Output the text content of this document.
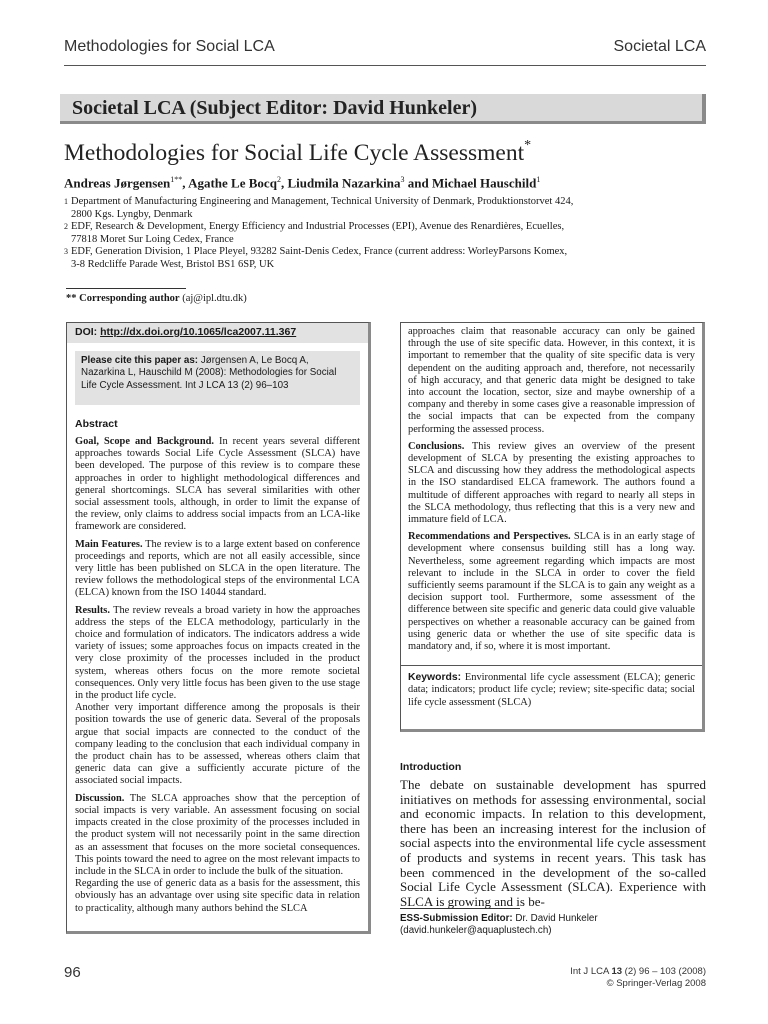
Methodologies for Social LCA	Societal LCA
Societal LCA (Subject Editor: David Hunkeler)
Methodologies for Social Life Cycle Assessment*
Andreas Jørgensen$^{1**}$, Agathe Le Bocq$^2$, Liudmila Nazarkina$^3$ and Michael Hauschild$^1$
1 Department of Manufacturing Engineering and Management, Technical University of Denmark, Produktionstorvet 424,
2800 Kgs. Lyngby, Denmark
2 EDF, Research & Development, Energy Efficiency and Industrial Processes (EPI), Avenue des Renardières, Ecuelles,
77818 Moret Sur Loing Cedex, France
3 EDF, Generation Division, 1 Place Pleyel, 93282 Saint-Denis Cedex, France (current address: WorleyParsons Komex,
3-8 Redcliffe Parade West, Bristol BS1 6SP, UK
** Corresponding author (aj@ipl.dtu.dk)
DOI: http://dx.doi.org/10.1065/lca2007.11.367
Please cite this paper as: Jørgensen A, Le Bocq A, Nazarkina L, Hauschild M (2008): Methodologies for Social Life Cycle Assessment. Int J LCA 13 (2) 96–103
Abstract

Goal, Scope and Background. In recent years several different approaches towards Social Life Cycle Assessment (SLCA) have been developed. The purpose of this review is to compare these approaches in order to highlight methodological differences and general shortcomings. SLCA has several similarities with other social assessment tools, although, in order to limit the expanse of the review, only claims to address social impacts from an LCA-like framework are considered.

Main Features. The review is to a large extent based on conference proceedings and reports, which are not all easily accessible, since very little has been published on SLCA in the open literature. The review follows the methodological steps of the environmental LCA (ELCA) known from the ISO 14044 standard.

Results. The review reveals a broad variety in how the approaches address the steps of the ELCA methodology, particularly in the choice and formulation of indicators. The indicators address a wide variety of issues; some approaches focus on impacts created in the very close proximity of the processes included in the product system, whereas others focus on the more remote societal consequences. Only very little focus has been given to the use stage in the product life cycle.

Another very important difference among the proposals is their position towards the use of generic data. Several of the proposals argue that social impacts are connected to the conduct of the company leading to the conclusion that each individual company in the product chain has to be assessed, whereas others claim that generic data can give a sufficiently accurate picture of the associated social impacts.

Discussion. The SLCA approaches show that the perception of social impacts is very variable. An assessment focusing on social impacts created in the close proximity of the processes included in the product system will not necessarily point in the same direction as an assessment that focuses on the more societal consequences. This points toward the need to agree on the most relevant impacts to include in the SLCA in order to include the bulk of the situation.

Regarding the use of generic data as a basis for the assessment, this obviously has an advantage over using site specific data in relation to practicality, although many authors behind the SLCA

approaches claim that reasonable accuracy can only be gained through the use of site specific data. However, in this context, it is important to remember that the quality of site specific data is very dependent on the auditing approach and, therefore, not necessarily of high accuracy, and that generic data might be designed to take into account the location, sector, size and maybe ownership of a company and thereby in some cases give a reasonable impression of the social impacts that can be expected from the company performing the assessed process.

Conclusions. This review gives an overview of the present development of SLCA by presenting the existing approaches to SLCA and discussing how they address the methodological aspects in the ISO standardised ELCA framework. The authors found a multitude of different approaches with regard to nearly all steps in the SLCA methodology, thus reflecting that this is a very new and immature field of LCA.

Recommendations and Perspectives. SLCA is in an early stage of development where consensus building still has a long way. Nevertheless, some agreement regarding which impacts are most relevant to include in the SLCA in order to cover the field sufficiently seems paramount if the SLCA is to gain any weight as a decision support tool. Furthermore, some assessment of the difference between site specific and generic data could give valuable perspectives on whether a reasonable accuracy can be gained from using generic data or whether the use of site specific data is mandatory and, if so, where it is most important.

Keywords: Environmental life cycle assessment (ELCA); generic data; indicators; product life cycle; review; site-specific data; social life cycle assessment (SLCA)
Introduction
The debate on sustainable development has spurred initiatives on methods for assessing environmental, social and economic impacts. In relation to this development, there has been an increasing interest for the inclusion of social aspects into the environmental life cycle assessment of products and systems in recent years. This task has been commenced in the development of the so-called Social Life Cycle Assessment (SLCA). Experience with SLCA is growing and is be-
ESS-Submission Editor: Dr. David Hunkeler
(david.hunkeler@aquaplustech.ch)
96	Int J LCA 13 (2) 96 – 103 (2008)
© Springer-Verlag 2008
